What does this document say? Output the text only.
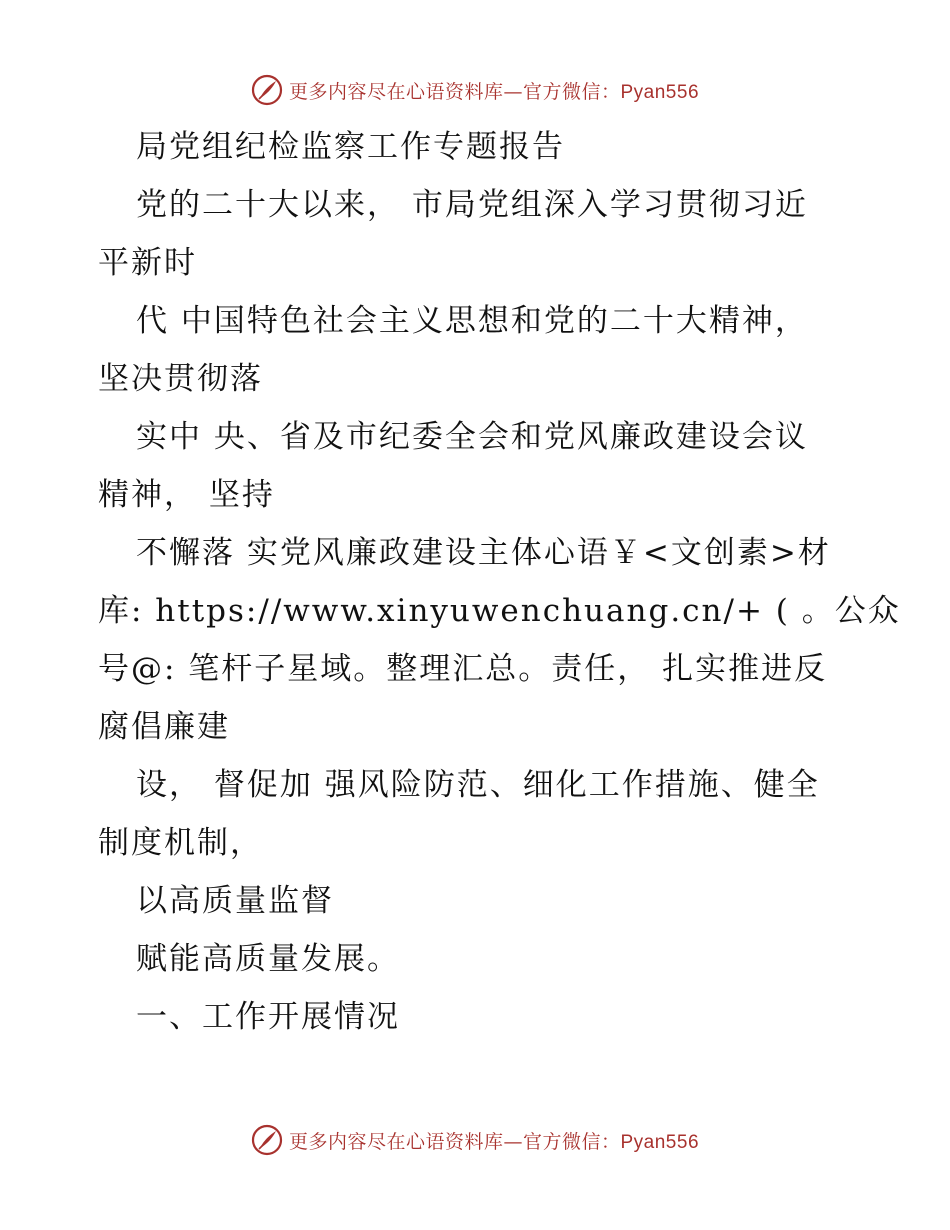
更多内容尽在心语资料库—官方微信：Pyan556
局党组纪检监察工作专题报告
党的二十大以来， 市局党组深入学习贯彻习近
平新时
代 中国特色社会主义思想和党的二十大精神，
坚决贯彻落
实中 央、省及市纪委全会和党风廉政建设会议
精神， 坚持
不懈落 实党风廉政建设主体心语￥<文创素>材
库: https://www.xinyuwenchuang.cn/+ ( 。公众
号@: 笔杆子星域。整理汇总。责任， 扎实推进反
腐倡廉建
设， 督促加 强风险防范、细化工作措施、健全
制度机制，
以高质量监督
赋能高质量发展。
一、工作开展情况
更多内容尽在心语资料库—官方微信：Pyan556
